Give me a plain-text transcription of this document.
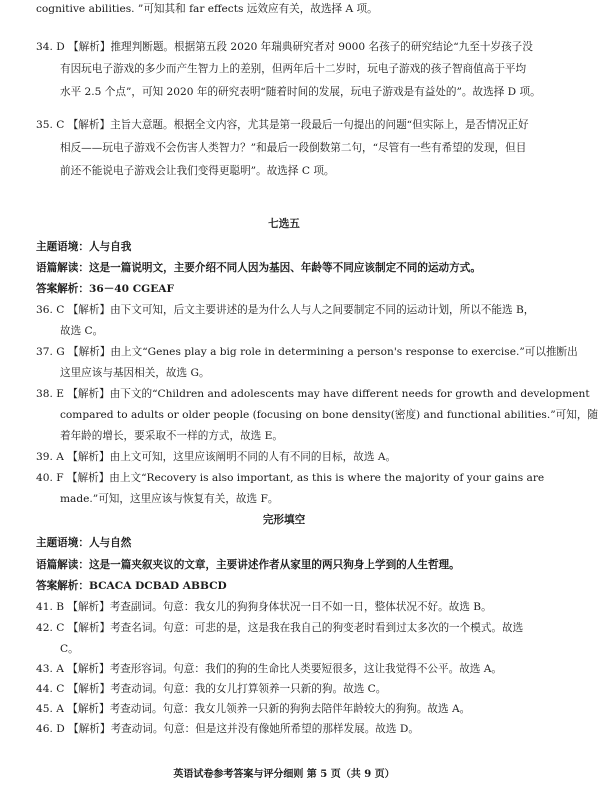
cognitive abilities. ”可知其和 far effects 远效应有关，故选择 A 项。
34. D 【解析】推理判断题。根据第五段 2020 年瑞典研究者对 9000 名孩子的研究结论“九至十岁孩子没
有因玩电子游戏的多少而产生智力上的差别，但两年后十二岁时，玩电子游戏的孩子智商值高于平均
水平 2.5 个点”，可知 2020 年的研究表明“随着时间的发展，玩电子游戏是有益处的”。故选择 D 项。
35. C 【解析】主旨大意题。根据全文内容，尤其是第一段最后一句提出的问题“但实际上，是否情况正好
相反——玩电子游戏不会伤害人类智力？”和最后一段倒数第二句，“尽管有一些有希望的发现，但目
前还不能说电子游戏会让我们变得更聪明”。故选择 C 项。
七选五
主题语境：人与自我
语篇解读：这是一篇说明文，主要介绍不同人因为基因、年龄等不同应该制定不同的运动方式。
答案解析：36－40 CGEAF
36. C 【解析】由下文可知，后文主要讲述的是为什么人与人之间要制定不同的运动计划，所以不能选 B，
故选 C。
37. G 【解析】由上文“Genes play a big role in determining a person's response to exercise.”可以推断出
这里应该与基因相关，故选 G。
38. E 【解析】由下文的“Children and adolescents may have different needs for growth and development
compared to adults or older people (focusing on bone density(密度) and functional abilities.”可知，随
着年龄的增长，要采取不一样的方式，故选 E。
39. A 【解析】由上文可知，这里应该阐明不同的人有不同的目标，故选 A。
40. F 【解析】由上文“Recovery is also important, as this is where the majority of your gains are
made.”可知，这里应该与恢复有关，故选 F。
完形填空
主题语境：人与自然
语篇解读：这是一篇夹叙夹议的文章，主要讲述作者从家里的两只狗身上学到的人生哲理。
答案解析：BCACA DCBAD ABBCD
41. B 【解析】考查副词。句意：我女儿的狗狗身体状况一日不如一日，整体状况不好。故选 B。
42. C 【解析】考查名词。句意：可悲的是，这是我在我自己的狗变老时看到过太多次的一个模式。故选
C。
43. A 【解析】考查形容词。句意：我们的狗的生命比人类要短很多，这让我觉得不公平。故选 A。
44. C 【解析】考查动词。句意：我的女儿打算领养一只新的狗。故选 C。
45. A 【解析】考查动词。句意：我女儿领养一只新的狗狗去陪伴年龄较大的狗狗。故选 A。
46. D 【解析】考查动词。句意：但是这并没有像她所希望的那样发展。故选 D。
英语试卷参考答案与评分细则 第 5 页（共 9 页）
